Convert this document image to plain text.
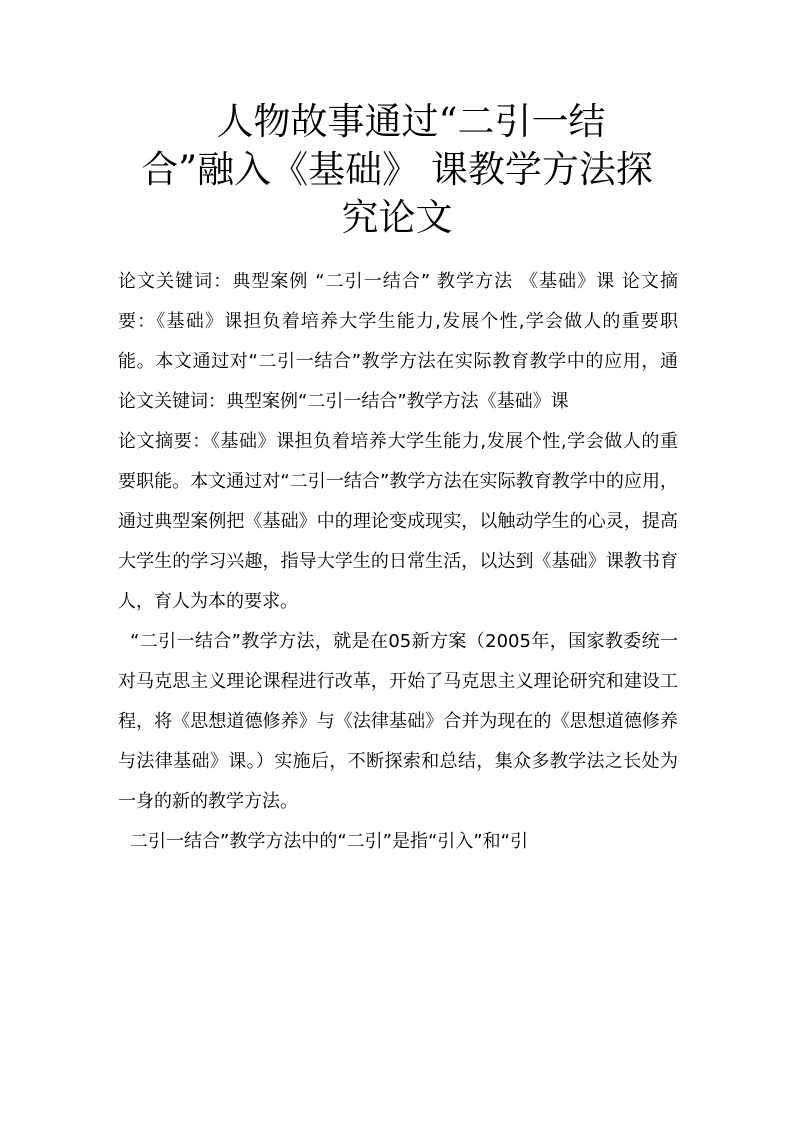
人物故事通过“二引一结
合”融入《基础》 课教学方法探
究论文

论文关键词：典型案例 “二引一结合” 教学方法 《基础》课 论文摘要：《基础》课担负着培养大学生能力,发展个性,学会做人的重要职能。本文通过对“二引一结合”教学方法在实际教育教学中的应用，通 论文关键词：典型案例“二引一结合”教学方法《基础》课

论文摘要：《基础》课担负着培养大学生能力,发展个性,学会做人的重要职能。本文通过对“二引一结合”教学方法在实际教育教学中的应用，通过典型案例把《基础》中的理论变成现实，以触动学生的心灵，提高大学生的学习兴趣，指导大学生的日常生活，以达到《基础》课教书育人，育人为本的要求。

“二引一结合”教学方法，就是在05新方案（2005年，国家教委统一对马克思主义理论课程进行改革，开始了马克思主义理论研究和建设工程，将《思想道德修养》与《法律基础》合并为现在的《思想道德修养与法律基础》课。）实施后，不断探索和总结，集众多教学法之长处为一身的新的教学方法。

二引一结合”教学方法中的“二引”是指“引入”和“引
